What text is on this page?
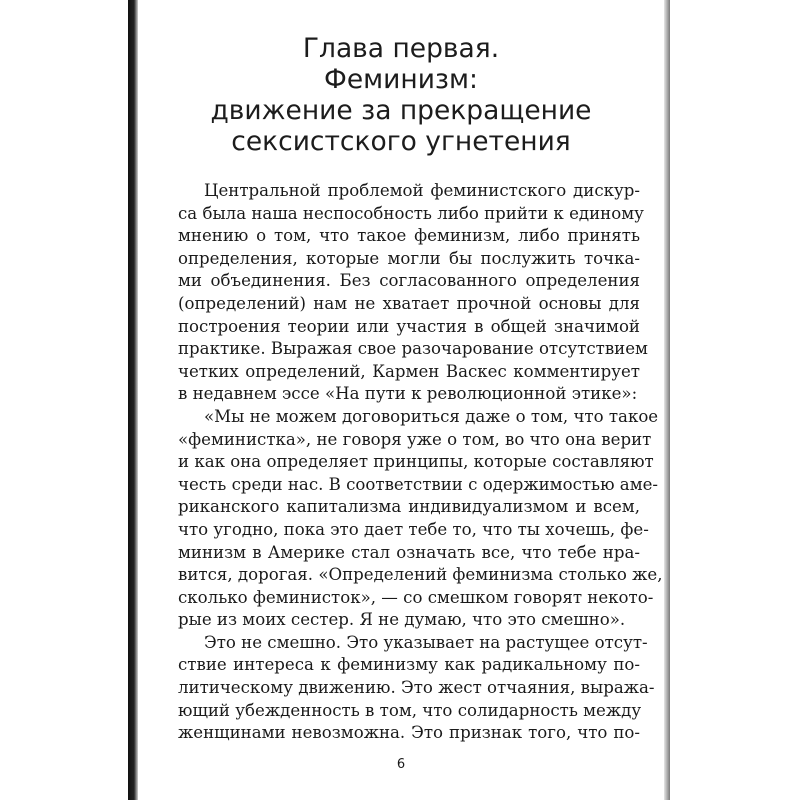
Глава первая.
Феминизм:
движение за прекращение
сексистского угнетения
Центральной проблемой феминистского дискур-
са была наша неспособность либо прийти к единому
мнению о том, что такое феминизм, либо принять
определения, которые могли бы послужить точка-
ми объединения. Без согласованного определения
(определений) нам не хватает прочной основы для
построения теории или участия в общей значимой
практике. Выражая свое разочарование отсутствием
четких определений, Кармен Васкес комментирует
в недавнем эссе «На пути к революционной этике»:
«Мы не можем договориться даже о том, что такое
«феминистка», не говоря уже о том, во что она верит
и как она определяет принципы, которые составляют
честь среди нас. В соответствии с одержимостью аме-
риканского капитализма индивидуализмом и всем,
что угодно, пока это дает тебе то, что ты хочешь, фе-
минизм в Америке стал означать все, что тебе нра-
вится, дорогая. «Определений феминизма столько же,
сколько феминисток», — со смешком говорят некото-
рые из моих сестер. Я не думаю, что это смешно».
Это не смешно. Это указывает на растущее отсут-
ствие интереса к феминизму как радикальному по-
литическому движению. Это жест отчаяния, выража-
ющий убежденность в том, что солидарность между
женщинами невозможна. Это признак того, что по-
6
